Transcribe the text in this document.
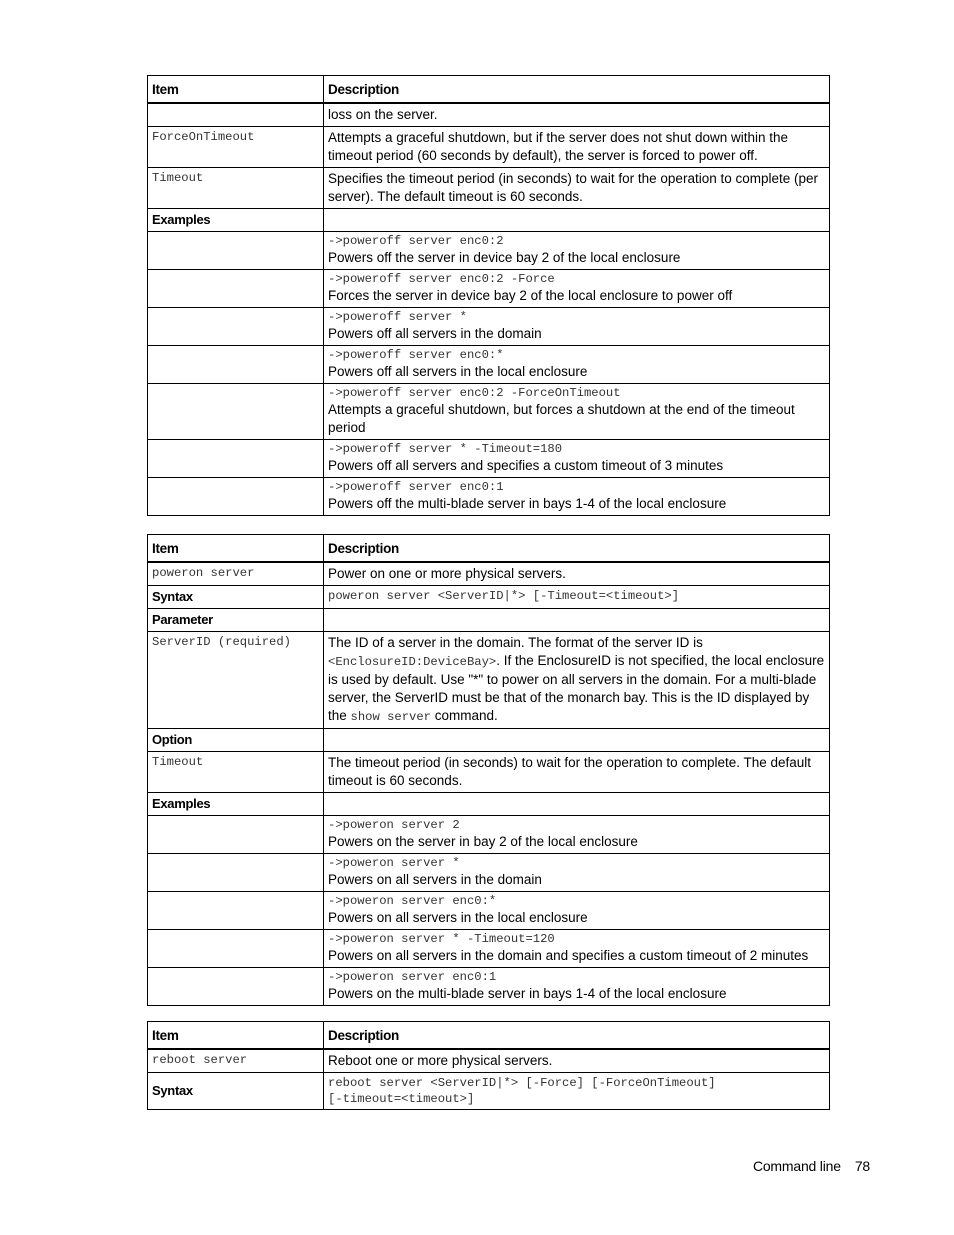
Item	Description
	loss on the server.
ForceOnTimeout	Attempts a graceful shutdown, but if the server does not shut down within the timeout period (60 seconds by default), the server is forced to power off.
Timeout	Specifies the timeout period (in seconds) to wait for the operation to complete (per server). The default timeout is 60 seconds.
Examples	

	->poweroff server enc0:2
Powers off the server in device bay 2 of the local enclosure

	->poweroff server enc0:2 -Force
Forces the server in device bay 2 of the local enclosure to power off

	->poweroff server *
Powers off all servers in the domain

	->poweroff server enc0:*
Powers off all servers in the local enclosure

	->poweroff server enc0:2 -ForceOnTimeout
Attempts a graceful shutdown, but forces a shutdown at the end of the timeout period

	->poweroff server * -Timeout=180
Powers off all servers and specifies a custom timeout of 3 minutes

	->poweroff server enc0:1
Powers off the multi-blade server in bays 1-4 of the local enclosure
Item	Description
poweron server	Power on one or more physical servers.
Syntax	poweron server <ServerID|*> [-Timeout=<timeout>]
Parameter	
ServerID (required)	The ID of a server in the domain. The format of the server ID is <EnclosureID:DeviceBay>. If the EnclosureID is not specified, the local enclosure is used by default. Use "*" to power on all servers in the domain. For a multi-blade server, the ServerID must be that of the monarch bay. This is the ID displayed by the show server command.
Option	
Timeout	The timeout period (in seconds) to wait for the operation to complete. The default timeout is 60 seconds.
Examples	

	->poweron server 2
Powers on the server in bay 2 of the local enclosure

	->poweron server *
Powers on all servers in the domain

	->poweron server enc0:*
Powers on all servers in the local enclosure

	->poweron server * -Timeout=120
Powers on all servers in the domain and specifies a custom timeout of 2 minutes

	->poweron server enc0:1
Powers on the multi-blade server in bays 1-4 of the local enclosure
Item	Description
reboot server	Reboot one or more physical servers.
Syntax	reboot server <ServerID|*> [-Force] [-ForceOnTimeout]
[-timeout=<timeout>]
Command line 78
